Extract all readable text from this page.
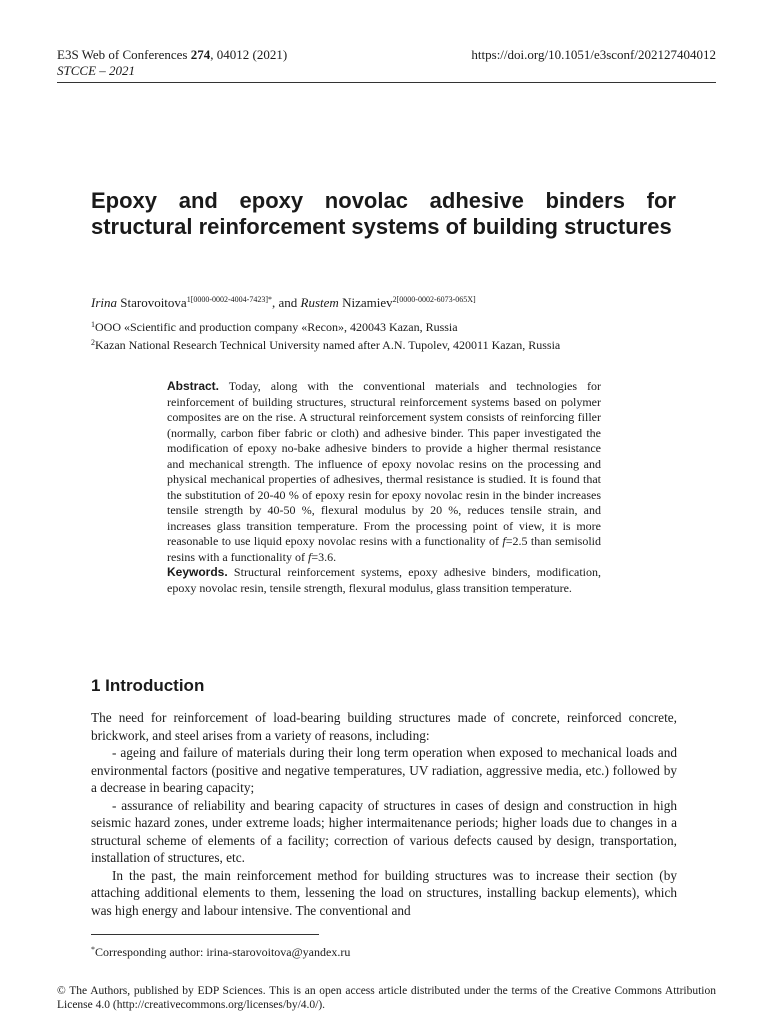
E3S Web of Conferences 274, 04012 (2021)	https://doi.org/10.1051/e3sconf/202127404012
STCCE – 2021
Epoxy and epoxy novolac adhesive binders for structural reinforcement systems of building structures
Irina Starovoitova$^{1[0000-0002-4004-7423]*}$, and Rustem Nizamiev$^{2[0000-0002-6073-065X]}$
$^1$OOO «Scientific and production company «Recon», 420043 Kazan, Russia
$^2$Kazan National Research Technical University named after A.N. Tupolev, 420011 Kazan, Russia

Abstract. Today, along with the conventional materials and technologies for reinforcement of building structures, structural reinforcement systems based on polymer composites are on the rise. A structural reinforcement system consists of reinforcing filler (normally, carbon fiber fabric or cloth) and adhesive binder. This paper investigated the modification of epoxy no-bake adhesive binders to provide a higher thermal resistance and mechanical strength. The influence of epoxy novolac resins on the processing and physical mechanical properties of adhesives, thermal resistance is studied. It is found that the substitution of 20-40 % of epoxy resin for epoxy novolac resin in the binder increases tensile strength by 40-50 %, flexural modulus by 20 %, reduces tensile strain, and increases glass transition temperature. From the processing point of view, it is more reasonable to use liquid epoxy novolac resins with a functionality of f=2.5 than semisolid resins with a functionality of f=3.6.

Keywords. Structural reinforcement systems, epoxy adhesive binders, modification, epoxy novolac resin, tensile strength, flexural modulus, glass transition temperature.

1 Introduction

The need for reinforcement of load-bearing building structures made of concrete, reinforced concrete, brickwork, and steel arises from a variety of reasons, including:

- ageing and failure of materials during their long term operation when exposed to mechanical loads and environmental factors (positive and negative temperatures, UV radiation, aggressive media, etc.) followed by a decrease in bearing capacity;

- assurance of reliability and bearing capacity of structures in cases of design and construction in high seismic hazard zones, under extreme loads; higher intermaitenance periods; higher loads due to changes in a structural scheme of elements of a facility; correction of various defects caused by design, transportation, installation of structures, etc.

In the past, the main reinforcement method for building structures was to increase their section (by attaching additional elements to them, lessening the load on structures, installing backup elements), which was high energy and labour intensive. The conventional and

*Corresponding author: irina-starovoitova@yandex.ru

© The Authors, published by EDP Sciences. This is an open access article distributed under the terms of the Creative Commons Attribution License 4.0 (http://creativecommons.org/licenses/by/4.0/).
